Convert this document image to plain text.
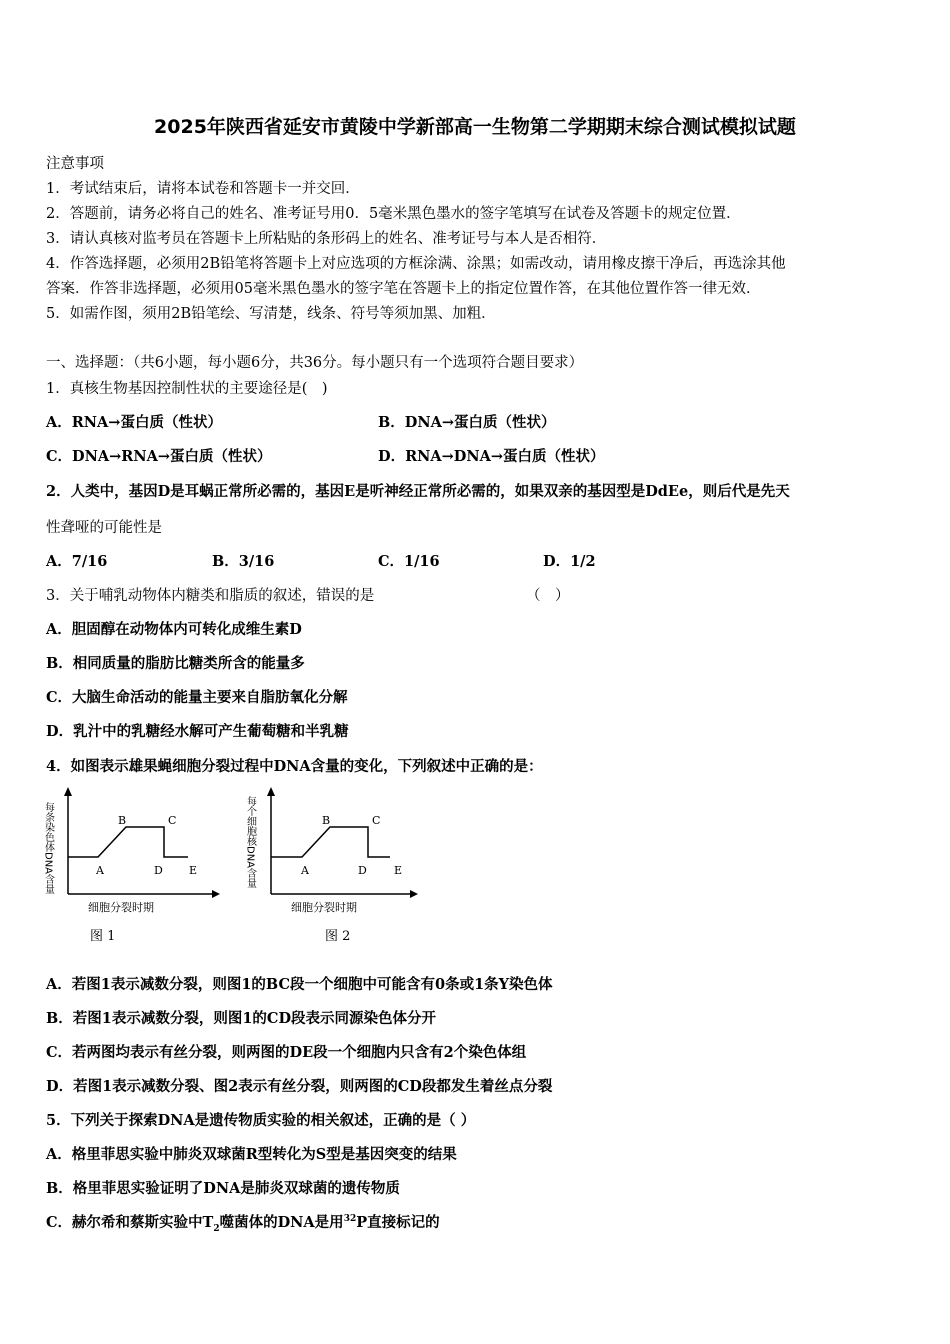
2025年陕西省延安市黄陵中学新部高一生物第二学期期末综合测试模拟试题
注意事项
1．考试结束后，请将本试卷和答题卡一并交回．
2．答题前，请务必将自己的姓名、准考证号用0．5毫米黑色墨水的签字笔填写在试卷及答题卡的规定位置．
3．请认真核对监考员在答题卡上所粘贴的条形码上的姓名、准考证号与本人是否相符．
4．作答选择题，必须用2B铅笔将答题卡上对应选项的方框涂满、涂黑；如需改动，请用橡皮擦干净后，再选涂其他
答案．作答非选择题，必须用05毫米黑色墨水的签字笔在答题卡上的指定位置作答，在其他位置作答一律无效．
5．如需作图，须用2B铅笔绘、写清楚，线条、符号等须加黑、加粗．
一、选择题：（共6小题，每小题6分，共36分。每小题只有一个选项符合题目要求）
1．真核生物基因控制性状的主要途径是(　)
A．RNA→蛋白质（性状）	B．DNA→蛋白质（性状）
C．DNA→RNA→蛋白质（性状）	D．RNA→DNA→蛋白质（性状）
2．人类中，基因D是耳蜗正常所必需的，基因E是听神经正常所必需的，如果双亲的基因型是DdEe，则后代是先天
性聋哑的可能性是
A．7/16	B．3/16	C．1/16	D．1/2
3．关于哺乳动物体内糖类和脂质的叙述，错误的是	（　）
A．胆固醇在动物体内可转化成维生素D
B．相同质量的脂肪比糖类所含的能量多
C．大脑生命活动的能量主要来自脂肪氧化分解
D．乳汁中的乳糖经水解可产生葡萄糖和半乳糖
4．如图表示雄果蝇细胞分裂过程中DNA含量的变化，下列叙述中正确的是：
每条染色体DNA含量	A
B	C
D E
细胞分裂时期
图 1
每个细胞核DNA含量	A
B	C
D E
细胞分裂时期
图 2
A．若图1表示减数分裂，则图1的BC段一个细胞中可能含有0条或1条Y染色体
B．若图1表示减数分裂，则图1的CD段表示同源染色体分开
C．若两图均表示有丝分裂，则两图的DE段一个细胞内只含有2个染色体组
D．若图1表示减数分裂、图2表示有丝分裂，则两图的CD段都发生着丝点分裂
5．下列关于探索DNA是遗传物质实验的相关叙述，正确的是（ ）
A．格里菲思实验中肺炎双球菌R型转化为S型是基因突变的结果
B．格里菲思实验证明了DNA是肺炎双球菌的遗传物质
C．赫尔希和蔡斯实验中$T_2$噬菌体的DNA是用$^{32}$P直接标记的
